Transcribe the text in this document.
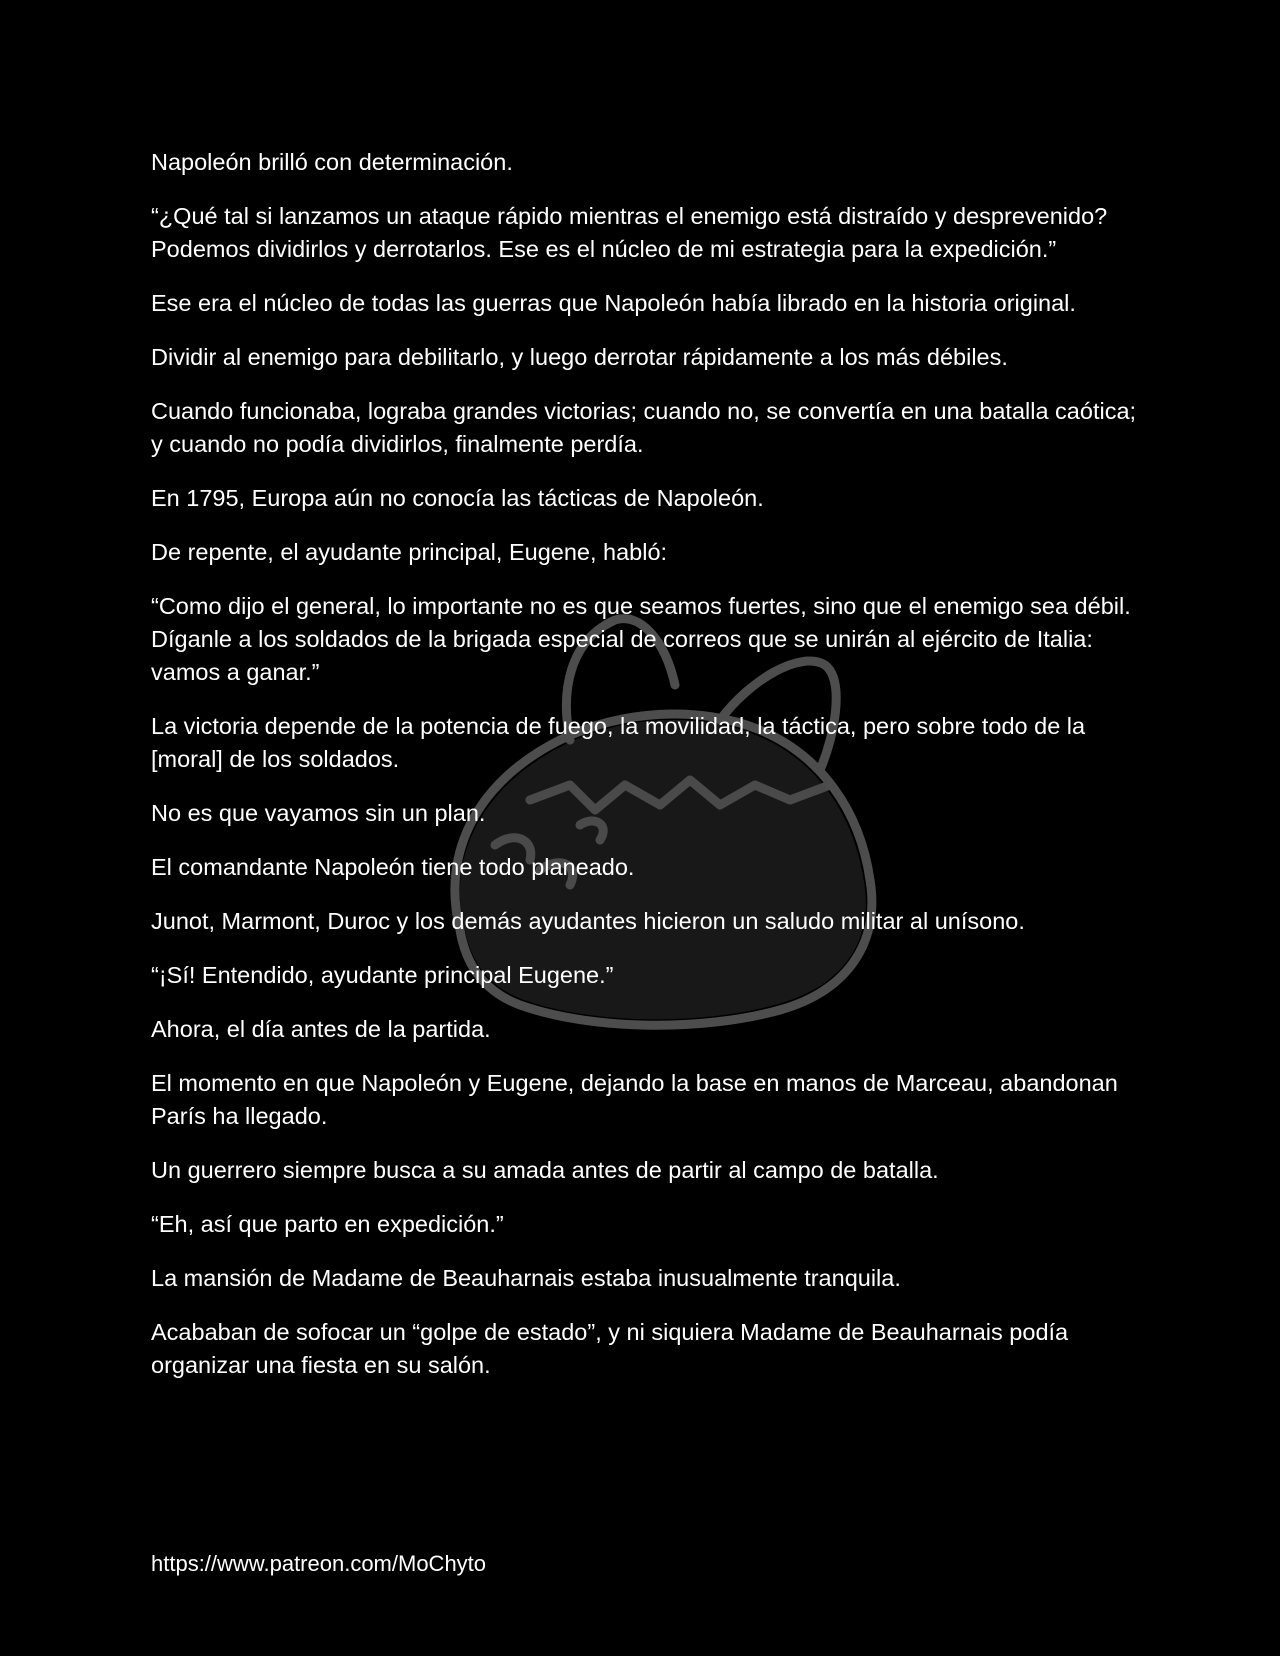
Napoleón brilló con determinación.

“¿Qué tal si lanzamos un ataque rápido mientras el enemigo está distraído y desprevenido? Podemos dividirlos y derrotarlos. Ese es el núcleo de mi estrategia para la expedición.”

Ese era el núcleo de todas las guerras que Napoleón había librado en la historia original.

Dividir al enemigo para debilitarlo, y luego derrotar rápidamente a los más débiles.

Cuando funcionaba, lograba grandes victorias; cuando no, se convertía en una batalla caótica; y cuando no podía dividirlos, finalmente perdía.

En 1795, Europa aún no conocía las tácticas de Napoleón.

De repente, el ayudante principal, Eugene, habló:

“Como dijo el general, lo importante no es que seamos fuertes, sino que el enemigo sea débil. Díganle a los soldados de la brigada especial de correos que se unirán al ejército de Italia: vamos a ganar.”

La victoria depende de la potencia de fuego, la movilidad, la táctica, pero sobre todo de la [moral] de los soldados.

No es que vayamos sin un plan.

El comandante Napoleón tiene todo planeado.

Junot, Marmont, Duroc y los demás ayudantes hicieron un saludo militar al unísono.

“¡Sí! Entendido, ayudante principal Eugene.”

Ahora, el día antes de la partida.

El momento en que Napoleón y Eugene, dejando la base en manos de Marceau, abandonan París ha llegado.

Un guerrero siempre busca a su amada antes de partir al campo de batalla.

“Eh, así que parto en expedición.”

La mansión de Madame de Beauharnais estaba inusualmente tranquila.

Acababan de sofocar un “golpe de estado”, y ni siquiera Madame de Beauharnais podía organizar una fiesta en su salón.

https://www.patreon.com/MoChyto
